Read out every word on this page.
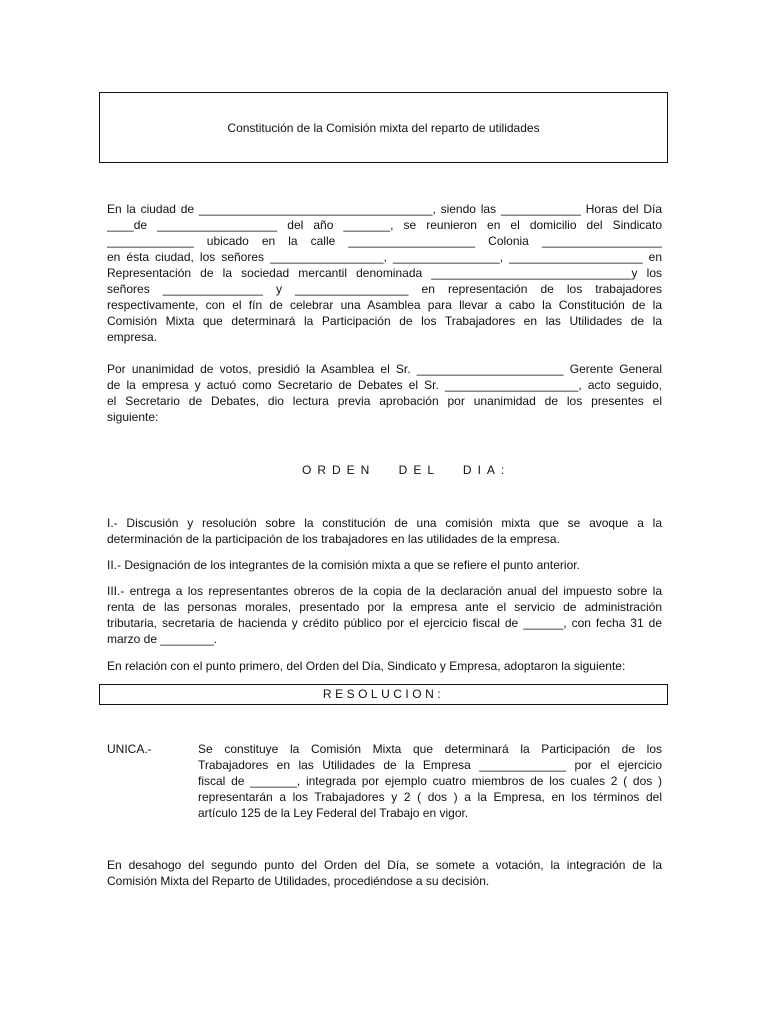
Constitución de la Comisión mixta del reparto de utilidades
En la ciudad de ___________________________________, siendo las ____________ Horas del Día
____de __________________ del año _______, se reunieron en el domicilio del Sindicato
_____________ ubicado en la calle ___________________ Colonia __________________
en ésta ciudad, los señores _________________, ________________, ____________________ en
Representación de la sociedad mercantil denominada ______________________________y los
señores _______________ y _________________ en representación de los trabajadores
respectivamente, con el fín de celebrar una Asamblea para llevar a cabo la Constitución de la
Comisión Mixta que determinará la Participación de los Trabajadores en las Utilidades de la
empresa.
Por unanimidad de votos, presidió la Asamblea el Sr. ______________________ Gerente General
de la empresa y actuó como Secretario de Debates el Sr. ____________________, acto seguido,
el Secretario de Debates, dio lectura previa aprobación por unanimidad de los presentes el
siguiente:
ORDEN DEL DIA:
I.- Discusión y resolución sobre la constitución de una comisión mixta que se avoque a la
determinación de la participación de los trabajadores en las utilidades de la empresa.
II.- Designación de los integrantes de la comisión mixta a que se refiere el punto anterior.
III.- entrega a los representantes obreros de la copia de la declaración anual del impuesto sobre la
renta de las personas morales, presentado por la empresa ante el servicio de administración
tributaria, secretaria de hacienda y crédito público por el ejercicio fiscal de ______, con fecha 31 de
marzo de ________.
En relación con el punto primero, del Orden del Día, Sindicato y Empresa, adoptaron la siguiente:
RESOLUCION:
UNICA.-	Se constituye la Comisión Mixta que determinará la Participación de los
Trabajadores en las Utilidades de la Empresa _____________ por el ejercicio
fiscal de _______, integrada por ejemplo cuatro miembros de los cuales 2 ( dos )
representarán a los Trabajadores y 2 ( dos ) a la Empresa, en los términos del
artículo 125 de la Ley Federal del Trabajo en vigor.
En desahogo del segundo punto del Orden del Día, se somete a votación, la integración de la
Comisión Mixta del Reparto de Utilidades, procediéndose a su decisión.
